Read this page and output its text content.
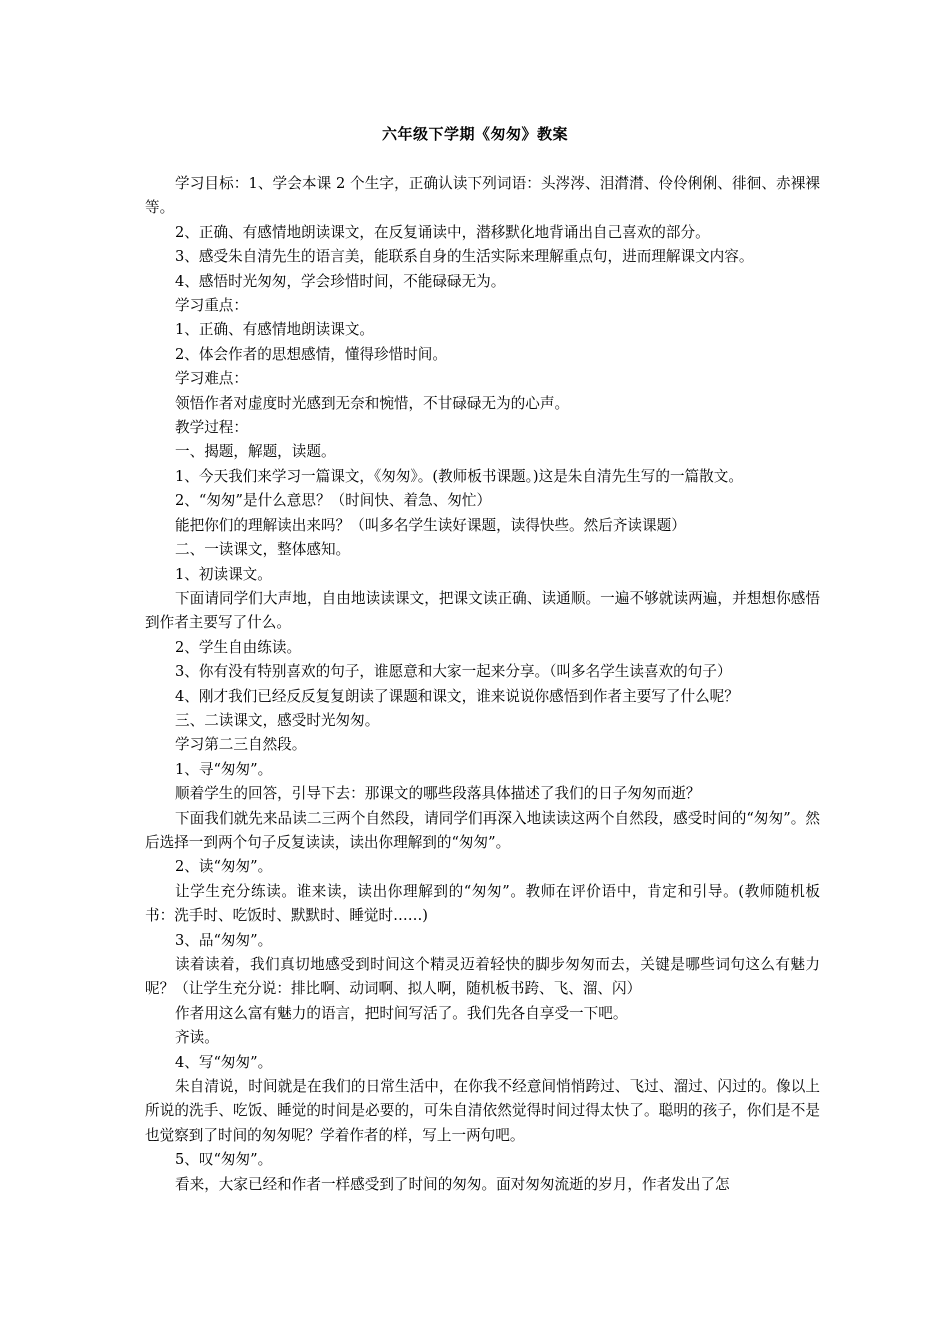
六年级下学期《匆匆》教案

学习目标：1、学会本课 2 个生字，正确认读下列词语：头涔涔、泪潸潸、伶伶俐俐、徘徊、赤裸裸等。

2、正确、有感情地朗读课文，在反复诵读中，潜移默化地背诵出自己喜欢的部分。

3、感受朱自清先生的语言美，能联系自身的生活实际来理解重点句，进而理解课文内容。

4、感悟时光匆匆，学会珍惜时间，不能碌碌无为。

学习重点：

1、正确、有感情地朗读课文。

2、体会作者的思想感情，懂得珍惜时间。

学习难点：

领悟作者对虚度时光感到无奈和惋惜，不甘碌碌无为的心声。

教学过程：

一、揭题，解题，读题。

1、今天我们来学习一篇课文，《匆匆》。(教师板书课题。)这是朱自清先生写的一篇散文。

2、“匆匆”是什么意思？（时间快、着急、匆忙）

能把你们的理解读出来吗？（叫多名学生读好课题，读得快些。然后齐读课题）

二、一读课文，整体感知。

1、初读课文。

下面请同学们大声地，自由地读读课文，把课文读正确、读通顺。一遍不够就读两遍，并想想你感悟到作者主要写了什么。

2、学生自由练读。

3、你有没有特别喜欢的句子，谁愿意和大家一起来分享。（叫多名学生读喜欢的句子）

4、刚才我们已经反反复复朗读了课题和课文，谁来说说你感悟到作者主要写了什么呢？

三、二读课文，感受时光匆匆。

学习第二三自然段。

1、寻“匆匆”。

顺着学生的回答，引导下去：那课文的哪些段落具体描述了我们的日子匆匆而逝？

下面我们就先来品读二三两个自然段，请同学们再深入地读读这两个自然段，感受时间的“匆匆”。然后选择一到两个句子反复读读，读出你理解到的“匆匆”。

2、读“匆匆”。

让学生充分练读。谁来读，读出你理解到的“匆匆”。教师在评价语中，肯定和引导。(教师随机板书：洗手时、吃饭时、默默时、睡觉时……)

3、品“匆匆”。

读着读着，我们真切地感受到时间这个精灵迈着轻快的脚步匆匆而去，关键是哪些词句这么有魅力呢？（让学生充分说：排比啊、动词啊、拟人啊，随机板书跨、飞、溜、闪）

作者用这么富有魅力的语言，把时间写活了。我们先各自享受一下吧。

齐读。

4、写“匆匆”。

朱自清说，时间就是在我们的日常生活中，在你我不经意间悄悄跨过、飞过、溜过、闪过的。像以上所说的洗手、吃饭、睡觉的时间是必要的，可朱自清依然觉得时间过得太快了。聪明的孩子，你们是不是也觉察到了时间的匆匆呢？学着作者的样，写上一两句吧。

5、叹“匆匆”。

看来，大家已经和作者一样感受到了时间的匆匆。面对匆匆流逝的岁月，作者发出了怎
